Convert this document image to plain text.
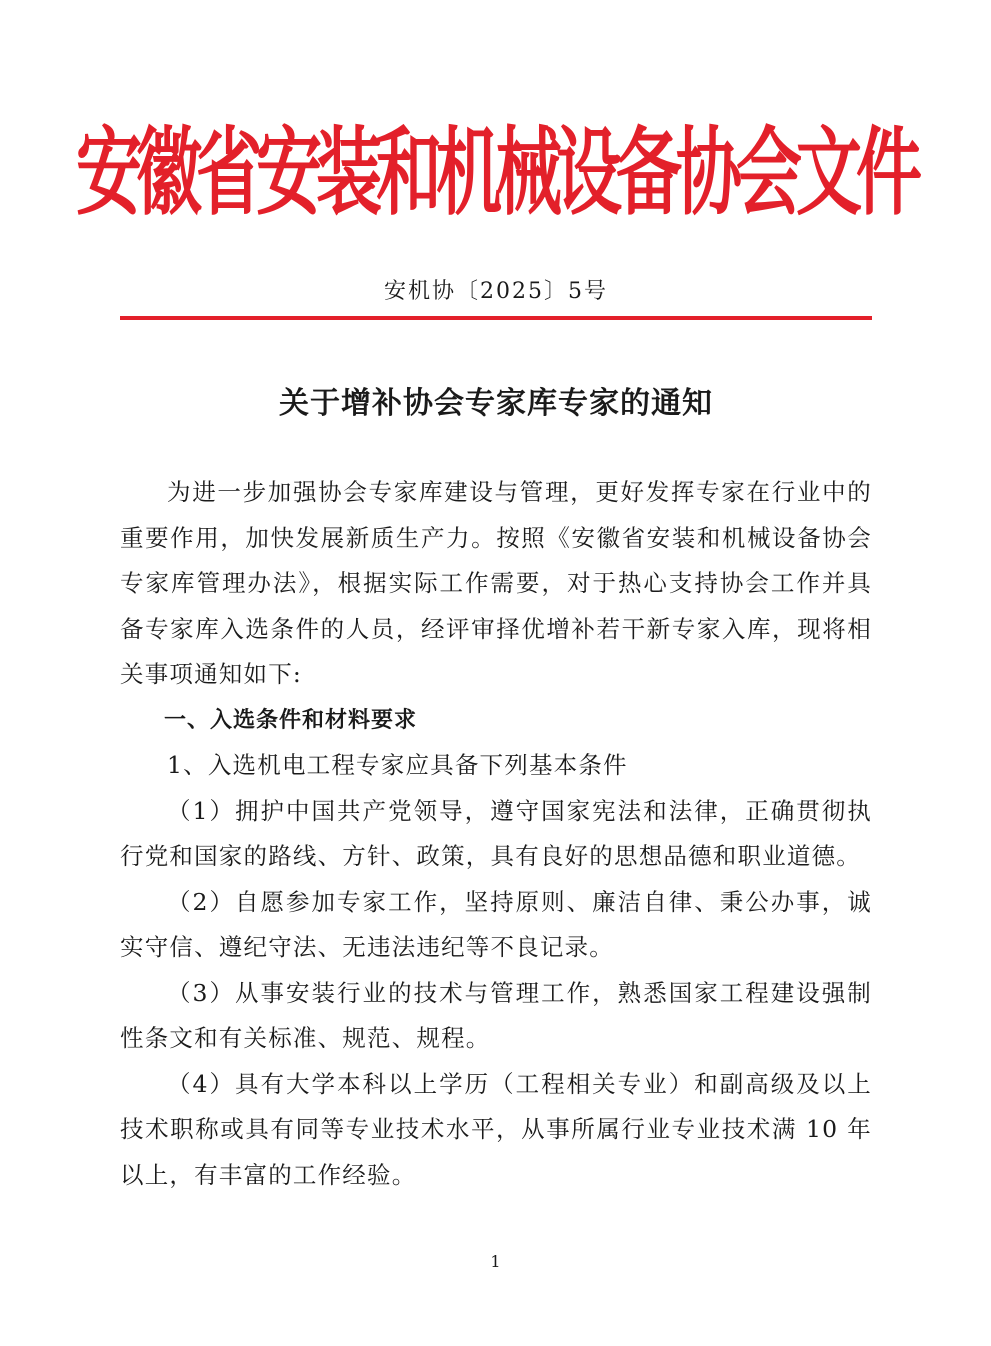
安徽省安装和机械设备协会文件
安机协〔2025〕5号
关于增补协会专家库专家的通知

为进一步加强协会专家库建设与管理，更好发挥专家在行业中的重要作用，加快发展新质生产力。按照《安徽省安装和机械设备协会专家库管理办法》，根据实际工作需要，对于热心支持协会工作并具备专家库入选条件的人员，经评审择优增补若干新专家入库，现将相关事项通知如下:

一、入选条件和材料要求

1、入选机电工程专家应具备下列基本条件

（1）拥护中国共产党领导，遵守国家宪法和法律，正确贯彻执行党和国家的路线、方针、政策，具有良好的思想品德和职业道德。

（2）自愿参加专家工作，坚持原则、廉洁自律、秉公办事，诚实守信、遵纪守法、无违法违纪等不良记录。

（3）从事安装行业的技术与管理工作，熟悉国家工程建设强制性条文和有关标准、规范、规程。

（4）具有大学本科以上学历（工程相关专业）和副高级及以上技术职称或具有同等专业技术水平，从事所属行业专业技术满 10 年以上，有丰富的工作经验。

1
